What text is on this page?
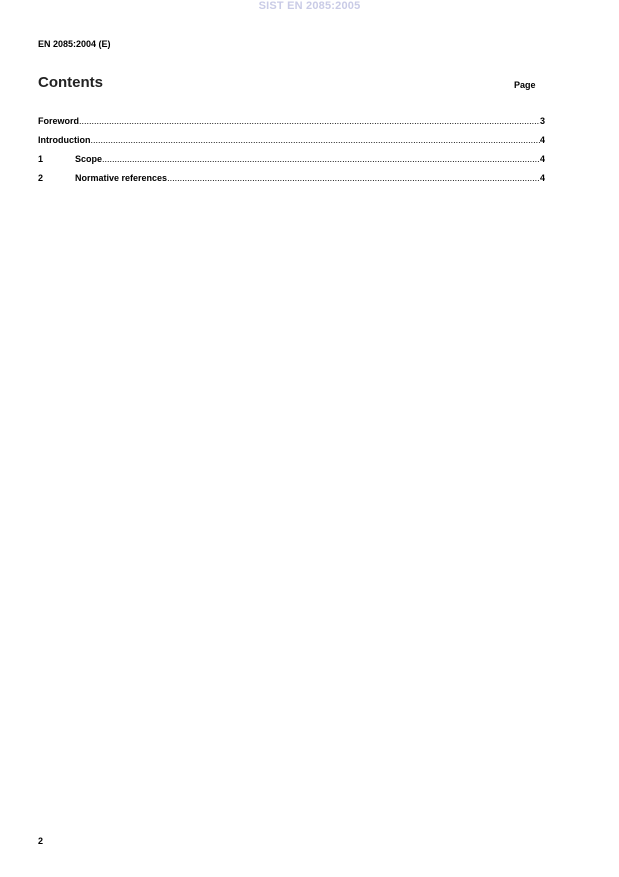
SIST EN 2085:2005
EN 2085:2004 (E)
Contents	Page
Foreword .....	3
Introduction .....	4
1	Scope .....	4
2	Normative references .....	4
2
